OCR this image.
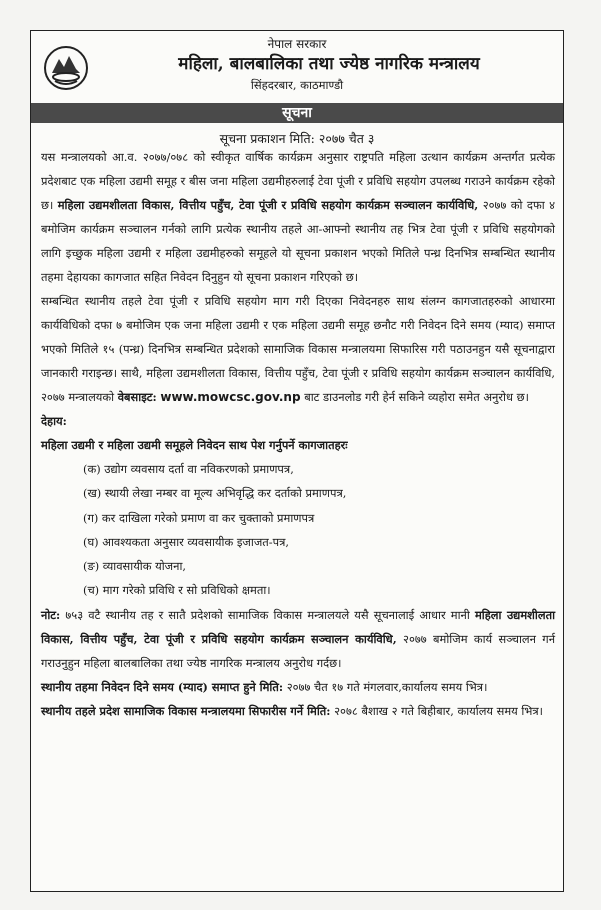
नेपाल सरकार
महिला, बालबालिका तथा ज्येष्ठ नागरिक मन्त्रालय
सिंहदरबार, काठमाण्डौ
सूचना
सूचना प्रकाशन मिति: २०७७ चैत ३

यस मन्त्रालयको आ.व. २०७७/०७८ को स्वीकृत वार्षिक कार्यक्रम अनुसार राष्ट्रपति महिला उत्थान कार्यक्रम अन्तर्गत प्रत्येक प्रदेशबाट एक महिला उद्यमी समूह र बीस जना महिला उद्यमीहरुलाई टेवा पूंजी र प्रविधि सहयोग उपलब्ध गराउने कार्यक्रम रहेको छ। महिला उद्यमशीलता विकास, वित्तीय पहुँच, टेवा पूंजी र प्रविधि सहयोग कार्यक्रम सञ्चालन कार्यविधि, २०७७ को दफा ४ बमोजिम कार्यक्रम सञ्चालन गर्नको लागि प्रत्येक स्थानीय तहले आ-आफ्नो स्थानीय तह भित्र टेवा पूंजी र प्रविधि सहयोगको लागि इच्छुक महिला उद्यमी र महिला उद्यमीहरुको समूहले यो सूचना प्रकाशन भएको मितिले पन्ध्र दिनभित्र सम्बन्धित स्थानीय तहमा देहायका कागजात सहित निवेदन दिनुहुन यो सूचना प्रकाशन गरिएको छ।

सम्बन्धित स्थानीय तहले टेवा पूंजी र प्रविधि सहयोग माग गरी दिएका निवेदनहरु साथ संलग्न कागजातहरुको आधारमा कार्यविधिको दफा ७ बमोजिम एक जना महिला उद्यमी र एक महिला उद्यमी समूह छनौट गरी निवेदन दिने समय (म्याद) समाप्त भएको मितिले १५ (पन्ध्र) दिनभित्र सम्बन्धित प्रदेशको सामाजिक विकास मन्त्रालयमा सिफारिस गरी पठाउनहुन यसै सूचनाद्वारा जानकारी गराइन्छ। साथै, महिला उद्यमशीलता विकास, वित्तीय पहुँच, टेवा पूंजी र प्रविधि सहयोग कार्यक्रम सञ्चालन कार्यविधि, २०७७ मन्त्रालयको वेबसाइट: www.mowcsc.gov.np बाट डाउनलोड गरी हेर्न सकिने व्यहोरा समेत अनुरोध छ।

देहाय:

महिला उद्यमी र महिला उद्यमी समूहले निवेदन साथ पेश गर्नुपर्ने कागजातहरः

(क) उद्योग व्यवसाय दर्ता वा नविकरणको प्रमाणपत्र,
(ख) स्थायी लेखा नम्बर वा मूल्य अभिवृद्धि कर दर्ताको प्रमाणपत्र,
(ग) कर दाखिला गरेको प्रमाण वा कर चुक्ताको प्रमाणपत्र
(घ) आवश्यकता अनुसार व्यवसायीक इजाजत-पत्र,
(ङ) व्यावसायीक योजना,
(च) माग गरेको प्रविधि र सो प्रविधिको क्षमता।

नोट: ७५३ वटै स्थानीय तह र सातै प्रदेशको सामाजिक विकास मन्त्रालयले यसै सूचनालाई आधार मानी महिला उद्यमशीलता विकास, वित्तीय पहुँच, टेवा पूंजी र प्रविधि सहयोग कार्यक्रम सञ्चालन कार्यविधि, २०७७ बमोजिम कार्य सञ्चालन गर्न गराउनुहुन महिला बालबालिका तथा ज्येष्ठ नागरिक मन्त्रालय अनुरोध गर्दछ।

स्थानीय तहमा निवेदन दिने समय (म्याद) समाप्त हुने मिति: २०७७ चैत १७ गते मंगलवार,कार्यालय समय भित्र।

स्थानीय तहले प्रदेश सामाजिक विकास मन्त्रालयमा सिफारीस गर्ने मिति: २०७८ बैशाख २ गते बिहीबार, कार्यालय समय भित्र।
